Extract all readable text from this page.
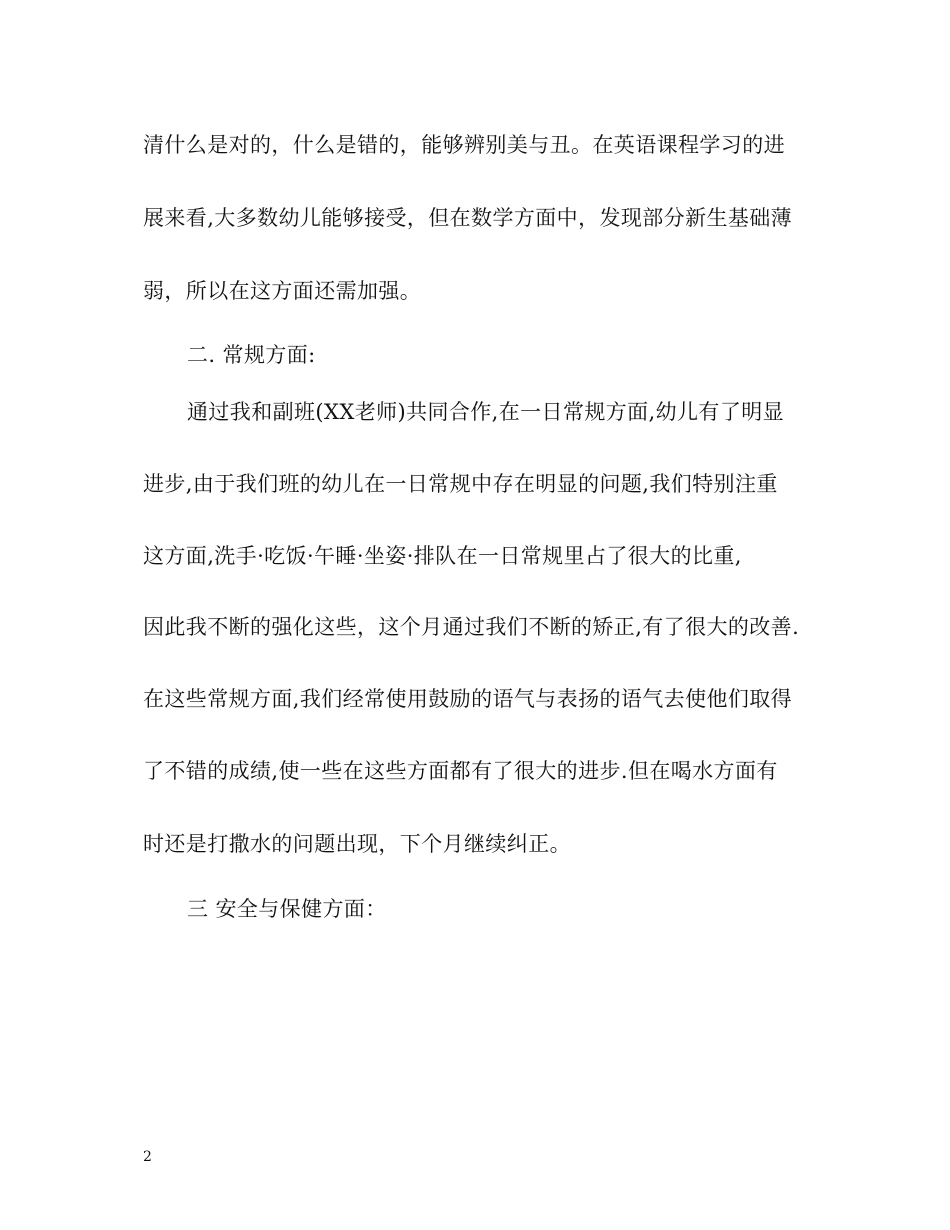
清什么是对的，什么是错的，能够辨别美与丑。在英语课程学习的进
展来看,大多数幼儿能够接受，但在数学方面中，发现部分新生基础薄
弱，所以在这方面还需加强。
二. 常规方面:
通过我和副班(XX老师)共同合作,在一日常规方面,幼儿有了明显
进步,由于我们班的幼儿在一日常规中存在明显的问题,我们特别注重
这方面,洗手·吃饭·午睡·坐姿·排队在一日常规里占了很大的比重,
因此我不断的强化这些，这个月通过我们不断的矫正,有了很大的改善.
在这些常规方面,我们经常使用鼓励的语气与表扬的语气去使他们取得
了不错的成绩,使一些在这些方面都有了很大的进步.但在喝水方面有
时还是打撒水的问题出现，下个月继续纠正。
三 安全与保健方面：
2
